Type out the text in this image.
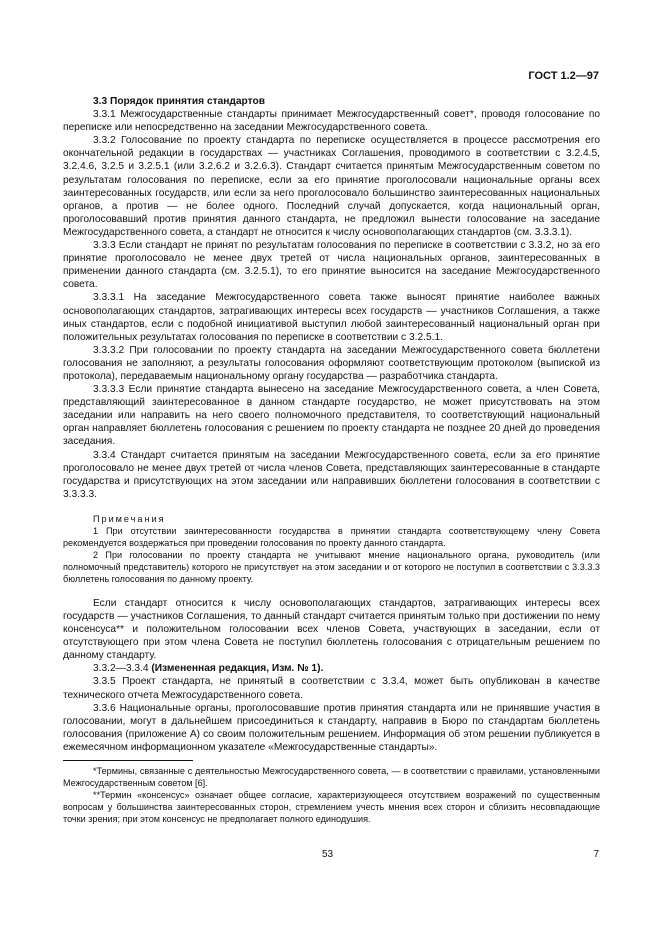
ГОСТ 1.2—97

3.3 Порядок принятия стандартов

3.3.1 Межгосударственные стандарты принимает Межгосударственный совет*, проводя голосование по переписке или непосредственно на заседании Межгосударственного совета.

3.3.2 Голосование по проекту стандарта по переписке осуществляется в процессе рассмотрения его окончательной редакции в государствах — участниках Соглашения, проводимого в соответствии с 3.2.4.5, 3.2.4.6, 3.2.5 и 3.2.5.1 (или 3.2.6.2 и 3.2.6.3). Стандарт считается принятым Межгосударственным советом по результатам голосования по переписке, если за его принятие проголосовали национальные органы всех заинтересованных государств, или если за него проголосовало большинство заинтересованных национальных органов, а против — не более одного. Последний случай допускается, когда национальный орган, проголосовавший против принятия данного стандарта, не предложил вынести голосование на заседание Межгосударственного совета, а стандарт не относится к числу основополагающих стандартов (см. 3.3.3.1).

3.3.3 Если стандарт не принят по результатам голосования по переписке в соответствии с 3.3.2, но за его принятие проголосовало не менее двух третей от числа национальных органов, заинтересованных в применении данного стандарта (см. 3.2.5.1), то его принятие выносится на заседание Межгосударственного совета.

3.3.3.1 На заседание Межгосударственного совета также выносят принятие наиболее важных основополагающих стандартов, затрагивающих интересы всех государств — участников Соглашения, а также иных стандартов, если с подобной инициативой выступил любой заинтересованный национальный орган при положительных результатах голосования по переписке в соответствии с 3.2.5.1.

3.3.3.2 При голосовании по проекту стандарта на заседании Межгосударственного совета бюллетени голосования не заполняют, а результаты голосования оформляют соответствующим протоколом (выпиской из протокола), передаваемым национальному органу государства — разработчика стандарта.

3.3.3.3 Если принятие стандарта вынесено на заседание Межгосударственного совета, а член Совета, представляющий заинтересованное в данном стандарте государство, не может присутствовать на этом заседании или направить на него своего полномочного представителя, то соответствующий национальный орган направляет бюллетень голосования с решением по проекту стандарта не позднее 20 дней до проведения заседания.

3.3.4 Стандарт считается принятым на заседании Межгосударственного совета, если за его принятие проголосовало не менее двух третей от числа членов Совета, представляющих заинтересованные в стандарте государства и присутствующих на этом заседании или направивших бюллетени голосования в соответствии с 3.3.3.3.

Примечания

1 При отсутствии заинтересованности государства в принятии стандарта соответствующему члену Совета рекомендуется воздержаться при проведении голосования по проекту данного стандарта.

2 При голосовании по проекту стандарта не учитывают мнение национального органа, руководитель (или полномочный представитель) которого не присутствует на этом заседании и от которого не поступил в соответствии с 3.3.3.3 бюллетень голосования по данному проекту.

Если стандарт относится к числу основополагающих стандартов, затрагивающих интересы всех государств — участников Соглашения, то данный стандарт считается принятым только при достижении по нему консенсуса** и положительном голосовании всех членов Совета, участвующих в заседании, если от отсутствующего при этом члена Совета не поступил бюллетень голосования с отрицательным решением по данному стандарту.

3.3.2—3.3.4 (Измененная редакция, Изм. № 1).

3.3.5 Проект стандарта, не принятый в соответствии с 3.3.4, может быть опубликован в качестве технического отчета Межгосударственного совета.

3.3.6 Национальные органы, проголосовавшие против принятия стандарта или не принявшие участия в голосовании, могут в дальнейшем присоединиться к стандарту, направив в Бюро по стандартам бюллетень голосования (приложение А) со своим положительным решением. Информация об этом решении публикуется в ежемесячном информационном указателе «Межгосударственные стандарты».

*Термины, связанные с деятельностью Межгосударственного совета, — в соответствии с правилами, установленными Межгосударственным советом [6].

**Термин «консенсус» означает общее согласие, характеризующееся отсутствием возражений по существенным вопросам у большинства заинтересованных сторон, стремлением учесть мнения всех сторон и сблизить несовпадающие точки зрения; при этом консенсус не предполагает полного единодушия.

53	7
